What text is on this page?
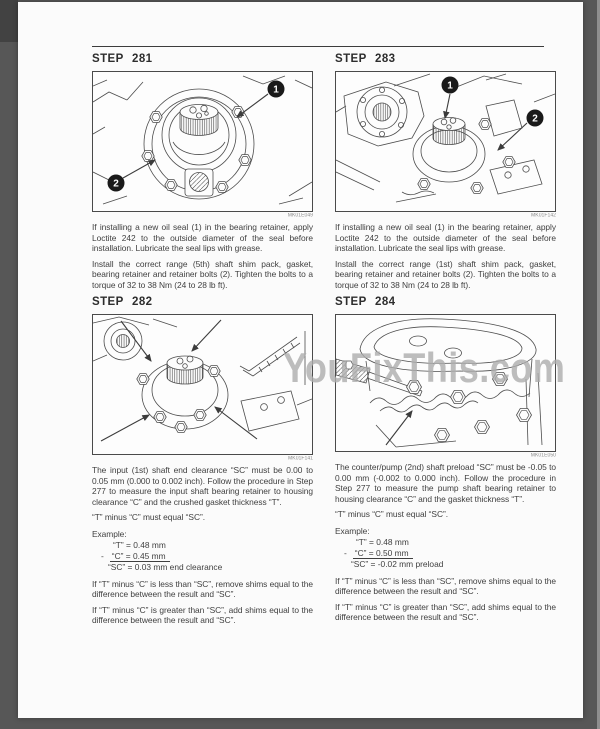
STEP 281
1
2
MK01E049

If installing a new oil seal (1) in the bearing retainer, apply Loctite 242 to the outside diameter of the seal before installation. Lubricate the seal lips with grease.

Install the correct range (5th) shaft shim pack, gasket, bearing retainer and retainer bolts (2). Tighten the bolts to a torque of 32 to 38 Nm (24 to 28 lb ft).

STEP 282
MK01F141

The input (1st) shaft end clearance “SC” must be 0.00 to 0.05 mm (0.000 to 0.002 inch). Follow the procedure in Step 277 to measure the input shaft bearing retainer to housing clearance “C” and the crushed gasket thickness “T”.

“T” minus “C” must equal “SC”.

Example:

“T” = 0.48 mm
- “C” = 0.45 mm
“SC” = 0.03 mm end clearance

If “T” minus “C” is less than “SC”, remove shims equal to the difference between the result and “SC”.

If “T” minus “C” is greater than “SC”, add shims equal to the difference between the result and “SC”.

STEP 283
1
2
MK01F142

If installing a new oil seal (1) in the bearing retainer, apply Loctite 242 to the outside diameter of the seal before installation. Lubricate the seal lips with grease.

Install the correct range (1st) shaft shim pack, gasket, bearing retainer and retainer bolts (2). Tighten the bolts to a torque of 32 to 38 Nm (24 to 28 lb ft).

STEP 284
MK01E050

The counter/pump (2nd) shaft preload “SC” must be -0.05 to 0.00 mm (-0.002 to 0.000 inch). Follow the procedure in Step 277 to measure the pump shaft bearing retainer to housing clearance “C” and the gasket thickness “T”.

“T” minus “C” must equal “SC”.

Example:

“T” = 0.48 mm
- “C” = 0.50 mm
“SC” = -0.02 mm preload

If “T” minus “C” is less than “SC”, remove shims equal to the difference between the result and “SC”.

If “T” minus “C” is greater than “SC”, add shims equal to the difference between the result and “SC”.

YouFixThis.com
